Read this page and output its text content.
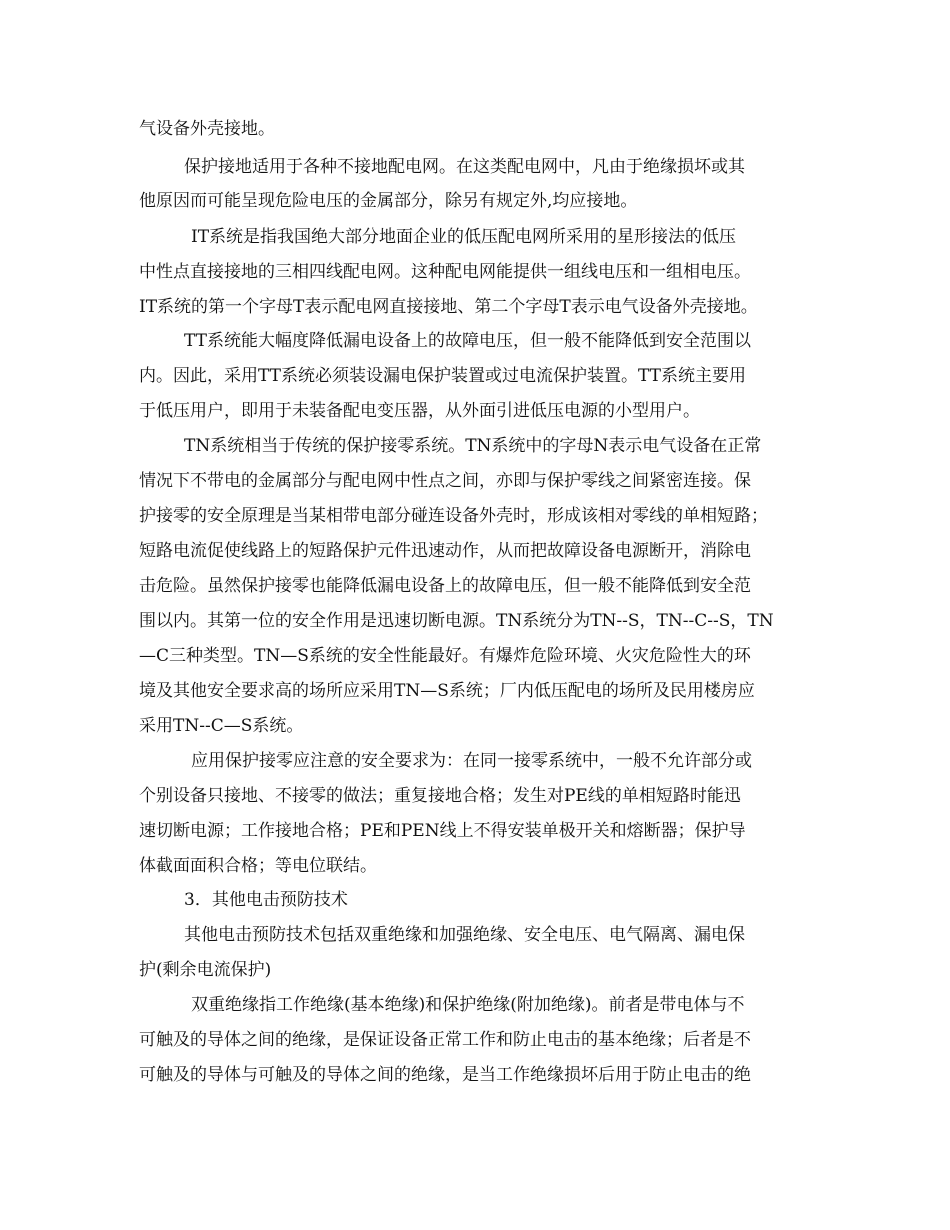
气设备外壳接地。

保护接地适用于各种不接地配电网。在这类配电网中，凡由于绝缘损坏或其

他原因而可能呈现危险电压的金属部分，除另有规定外,均应接地。

IT系统是指我国绝大部分地面企业的低压配电网所采用的星形接法的低压

中性点直接接地的三相四线配电网。这种配电网能提供一组线电压和一组相电压。

IT系统的第一个字母T表示配电网直接接地、第二个字母T表示电气设备外壳接地。

TT系统能大幅度降低漏电设备上的故障电压，但一般不能降低到安全范围以

内。因此，采用TT系统必须装设漏电保护装置或过电流保护装置。TT系统主要用

于低压用户，即用于未装备配电变压器，从外面引进低压电源的小型用户。

TN系统相当于传统的保护接零系统。TN系统中的字母N表示电气设备在正常

情况下不带电的金属部分与配电网中性点之间，亦即与保护零线之间紧密连接。保

护接零的安全原理是当某相带电部分碰连设备外壳时，形成该相对零线的单相短路；

短路电流促使线路上的短路保护元件迅速动作，从而把故障设备电源断开，消除电

击危险。虽然保护接零也能降低漏电设备上的故障电压，但一般不能降低到安全范

围以内。其第一位的安全作用是迅速切断电源。TN系统分为TN--S，TN--C--S，TN

—C三种类型。TN—S系统的安全性能最好。有爆炸危险环境、火灾危险性大的环

境及其他安全要求高的场所应采用TN—S系统；厂内低压配电的场所及民用楼房应

采用TN--C—S系统。

应用保护接零应注意的安全要求为：在同一接零系统中，一般不允许部分或

个别设备只接地、不接零的做法；重复接地合格；发生对PE线的单相短路时能迅

速切断电源；工作接地合格；PE和PEN线上不得安装单极开关和熔断器；保护导

体截面面积合格；等电位联结。

3．其他电击预防技术

其他电击预防技术包括双重绝缘和加强绝缘、安全电压、电气隔离、漏电保

护(剩余电流保护)

双重绝缘指工作绝缘(基本绝缘)和保护绝缘(附加绝缘)。前者是带电体与不

可触及的导体之间的绝缘，是保证设备正常工作和防止电击的基本绝缘；后者是不

可触及的导体与可触及的导体之间的绝缘，是当工作绝缘损坏后用于防止电击的绝
